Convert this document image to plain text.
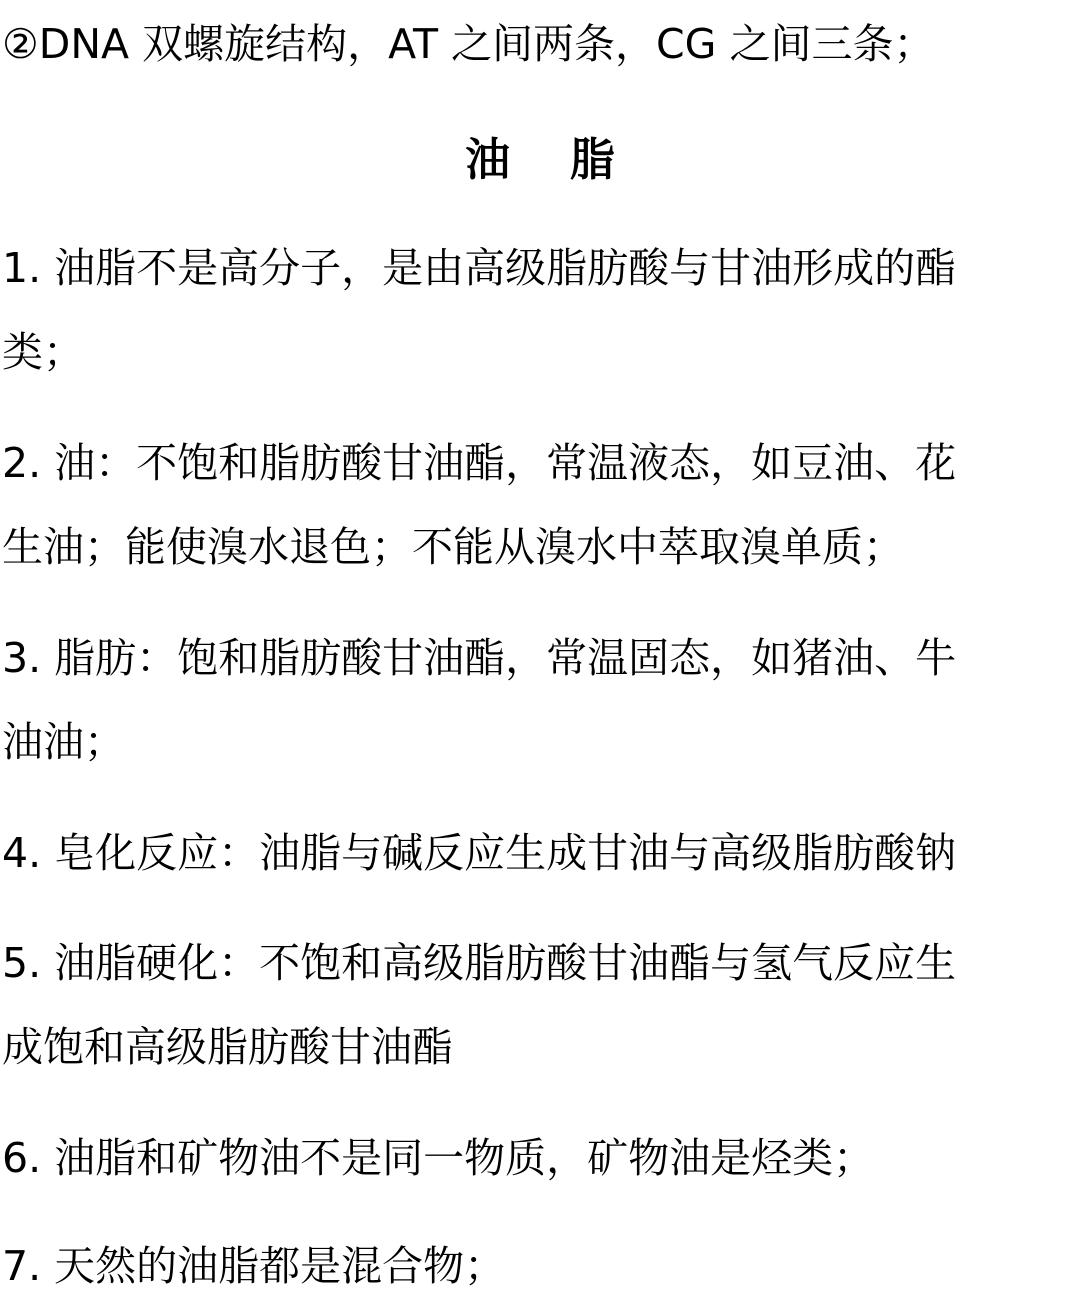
②DNA 双螺旋结构，AT 之间两条，CG 之间三条；

油 脂

1. 油脂不是高分子，是由高级脂肪酸与甘油形成的酯

类；

2. 油：不饱和脂肪酸甘油酯，常温液态，如豆油、花

生油；能使溴水退色；不能从溴水中萃取溴单质；

3. 脂肪：饱和脂肪酸甘油酯，常温固态，如猪油、牛

油油；

4. 皂化反应：油脂与碱反应生成甘油与高级脂肪酸钠

5. 油脂硬化：不饱和高级脂肪酸甘油酯与氢气反应生

成饱和高级脂肪酸甘油酯

6. 油脂和矿物油不是同一物质，矿物油是烃类；

7. 天然的油脂都是混合物；
